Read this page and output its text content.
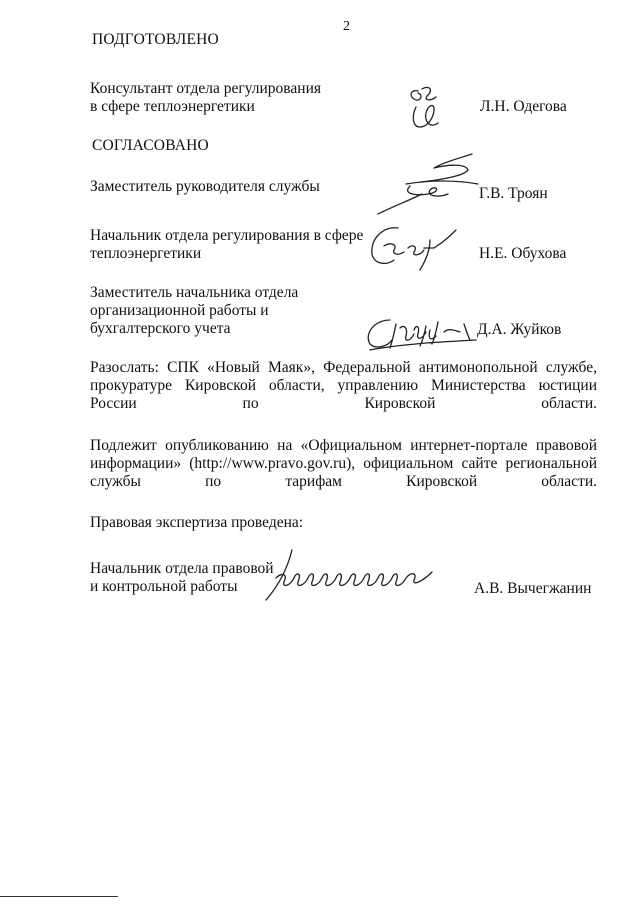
2
ПОДГОТОВЛЕНО
Консультант отдела регулирования
в сфере теплоэнергетики	Л.Н. Одегова
СОГЛАСОВАНО
Заместитель руководителя службы	Г.В. Троян
Начальник отдела регулирования в сфере
теплоэнергетики	Н.Е. Обухова
Заместитель начальника отдела
организационной работы и
бухгалтерского учета	Д.А. Жуйков
Разослать: СПК «Новый Маяк», Федеральной антимонопольной службе, прокуратуре Кировской области, управлению Министерства юстиции России по Кировской области.
Подлежит опубликованию на «Официальном интернет-портале правовой информации» (http://www.pravo.gov.ru), официальном сайте региональной службы по тарифам Кировской области.
Правовая экспертиза проведена:
Начальник отдела правовой
и контрольной работы	А.В. Вычегжанин
